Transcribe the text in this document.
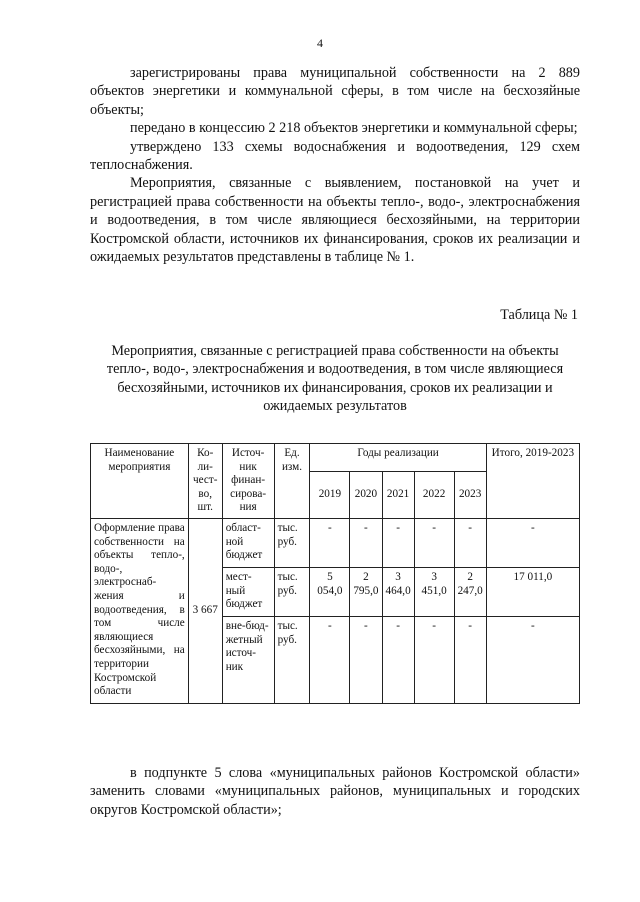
4

зарегистрированы права муниципальной собственности на 2 889 объектов энергетики и коммунальной сферы, в том числе на бесхозяйные объекты;

передано в концессию 2 218 объектов энергетики и коммунальной сферы;

утверждено 133 схемы водоснабжения и водоотведения, 129 схем теплоснабжения.

Мероприятия, связанные с выявлением, постановкой на учет и регистрацией права собственности на объекты тепло-, водо-, электроснабжения и водоотведения, в том числе являющиеся бесхозяйными, на территории Костромской области, источников их финансирования, сроков их реализации и ожидаемых результатов представлены в таблице № 1.

Таблица № 1
Мероприятия, связанные с регистрацией права собственности на объекты тепло-, водо-, электроснабжения и водоотведения, в том числе являющиеся бесхозяйными, источников их финансирования, сроков их реализации и ожидаемых результатов
Наименование мероприятия	Ко-ли-чест-во, шт.	Источ-ник финан-сирова-ния	Ед. изм.	Годы реализации					Итого, 2019-2023
				2019	2020	2021	2022	2023	
Оформление права собственности на объекты тепло-, водо-, электроснаб-жения и водоотведения, в том числе являющиеся бесхозяйными, на территории Костромской области	3 667	област-ной бюджет	тыс. руб.	-	-	-	-	-	-
		мест-ный бюджет	тыс. руб.	5 054,0	2 795,0	3 464,0	3 451,0	2 247,0	17 011,0
		вне-бюд-жетный источ-ник	тыс. руб.	-	-	-	-	-	-

в подпункте 5 слова «муниципальных районов Костромской области» заменить словами «муниципальных районов, муниципальных и городских округов Костромской области»;
